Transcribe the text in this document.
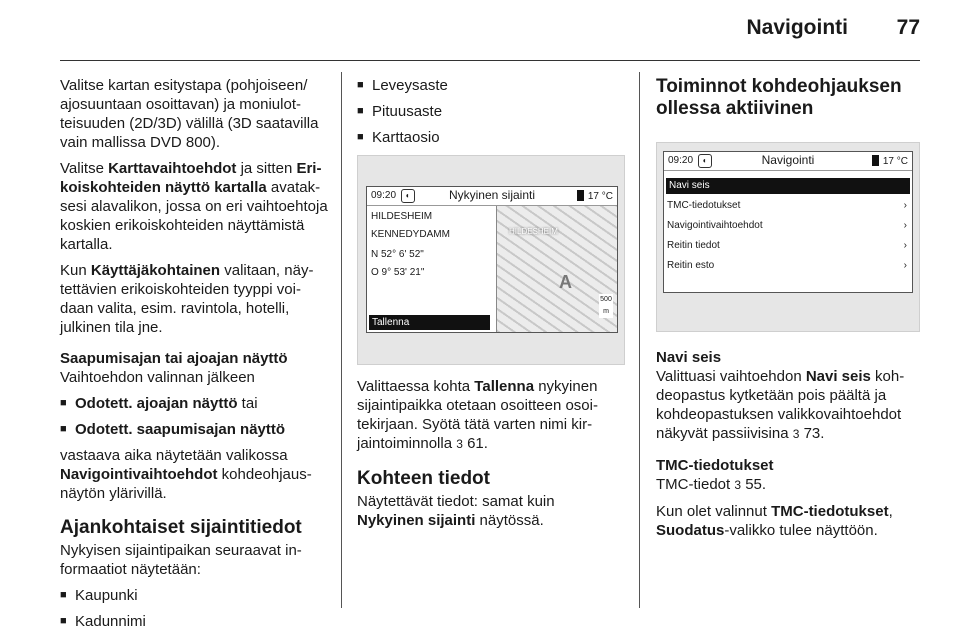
Navigointi 77

Valitse kartan esitystapa (pohjoiseen/ ajosuuntaan osoittavan) ja moniulotteisuuden (2D/3D) välillä (3D saatavilla vain mallissa DVD 800).

Valitse Karttavaihtoehdot ja sitten Erikoiskohteiden näyttö kartalla avataksesi alavalikon, jossa on eri vaihtoehtoja koskien erikoiskohteiden näyttämistä kartalla.

Kun Käyttäjäkohtainen valitaan, näytettävien erikoiskohteiden tyyppi voidaan valita, esim. ravintola, hotelli, julkinen tila jne.

Saapumisajan tai ajoajan näyttö

Vaihtoehdon valinnan jälkeen

■ Odotett. ajoajan näyttö tai

■ Odotett. saapumisajan näyttö

vastaava aika näytetään valikossa Navigointivaihtoehdot kohdeohjausnäytön ylärivillä.

Ajankohtaiset sijaintitiedot

Nykyisen sijaintipaikan seuraavat informaatiot näytetään:

■ Kaupunki

■ Kadunnimi

■ Leveysaste

■ Pituusaste

■ Karttaosio

09:20	◐	Nykyinen sijainti	17 °C
HILDESHEIM
KENNEDYDAMM
N 52° 6' 52"
O 9° 53' 21"
Tallenna
HILDESHEIM
A
500 m

Valittaessa kohta Tallenna nykyinen sijaintipaikka otetaan osoitteen osoitekirjaan. Syötä tätä varten nimi kirjaintoiminnolla 3 61.

Kohteen tiedot

Näytettävät tiedot: samat kuin Nykyinen sijainti näytössä.

Toiminnot kohdeohjauksen ollessa aktiivinen
09:20	◐	Navigointi	17 °C
Navi seis
TMC-tiedotukset	›
Navigointivaihtoehdot	›
Reitin tiedot	›
Reitin esto	›

Navi seis

Valittuasi vaihtoehdon Navi seis kohdeopastus kytketään pois päältä ja kohdeopastuksen valikkovaihtoehdot näkyvät passiivisina 3 73.

TMC-tiedotukset

TMC-tiedot 3 55.

Kun olet valinnut TMC-tiedotukset,
Suodatus-valikko tulee näyttöön.
